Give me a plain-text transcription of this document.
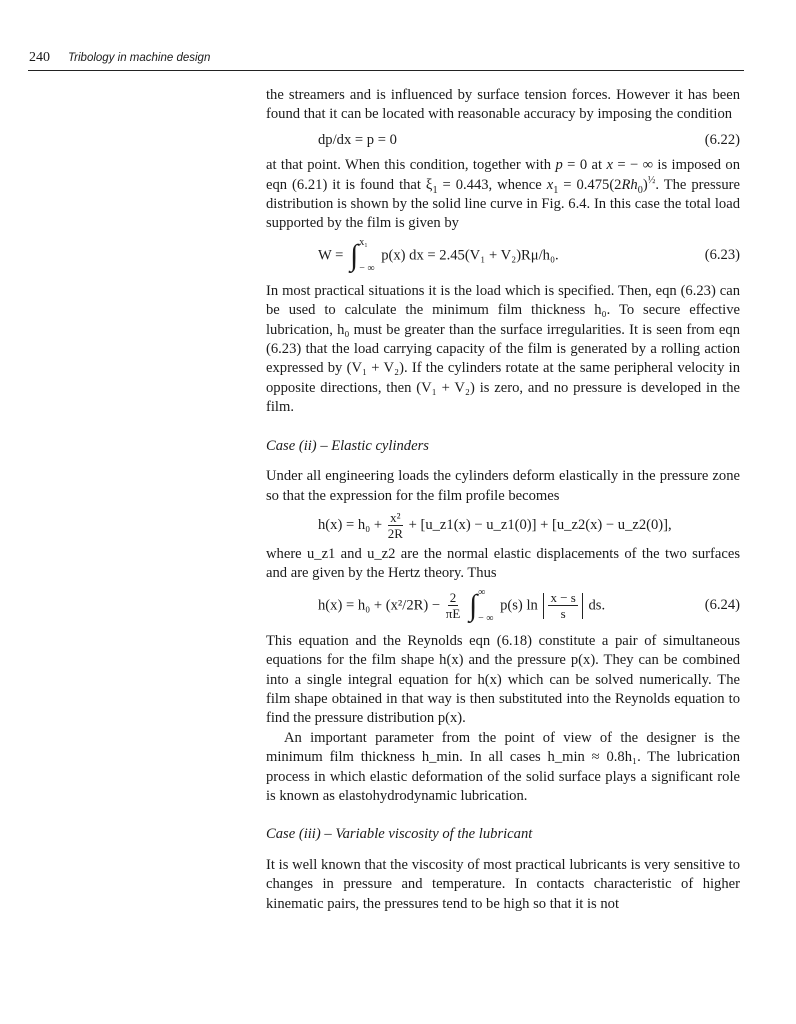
240 Tribology in machine design

the streamers and is influenced by surface tension forces. However it has been found that it can be located with reasonable accuracy by imposing the condition

dp/dx = p = 0	(6.22)

at that point. When this condition, together with p = 0 at x = − ∞ is imposed on eqn (6.21) it is found that $\xi_1 = 0.443$, whence $x_1 = 0.475(2Rh_0)^{\frac{1}{2}}$. The pressure distribution is shown by the solid line curve in Fig. 6.4. In this case the total load supported by the film is given by

W = ∫ x₁
− ∞
p(x) dx = 2.45(V₁ + V₂)Rμ/h₀.	(6.23)

In most practical situations it is the load which is specified. Then, eqn (6.23) can be used to calculate the minimum film thickness h₀. To secure effective lubrication, h₀ must be greater than the surface irregularities. It is seen from eqn (6.23) that the load carrying capacity of the film is generated by a rolling action expressed by (V₁ + V₂). If the cylinders rotate at the same peripheral velocity in opposite directions, then (V₁ + V₂) is zero, and no pressure is developed in the film.

Case (ii) – Elastic cylinders

Under all engineering loads the cylinders deform elastically in the pressure zone so that the expression for the film profile becomes

$h(x) = h_0 + \frac{\text{x²}}{2R}$ + [u_z1(x) − u_z1(0)] + [u_z2(x) − u_z2(0)],

where u_z1 and u_z2 are the normal elastic displacements of the two surfaces and are given by the Hertz theory. Thus

$h(x) = h_0 + (x^2/2R) - \frac{2}{\pi E}$
∫ ∞
− ∞
p(s) $\ln \frac{x - s}{s}$ ds.	(6.24)

This equation and the Reynolds eqn (6.18) constitute a pair of simultaneous equations for the film shape h(x) and the pressure p(x). They can be combined into a single integral equation for h(x) which can be solved numerically. The film shape obtained in that way is then substituted into the Reynolds equation to find the pressure distribution p(x).

An important parameter from the point of view of the designer is the minimum film thickness h_min. In all cases h_min ≈ 0.8h₁. The lubrication process in which elastic deformation of the solid surface plays a significant role is known as elastohydrodynamic lubrication.

Case (iii) – Variable viscosity of the lubricant

It is well known that the viscosity of most practical lubricants is very sensitive to changes in pressure and temperature. In contacts characteristic of higher kinematic pairs, the pressures tend to be high so that it is not
